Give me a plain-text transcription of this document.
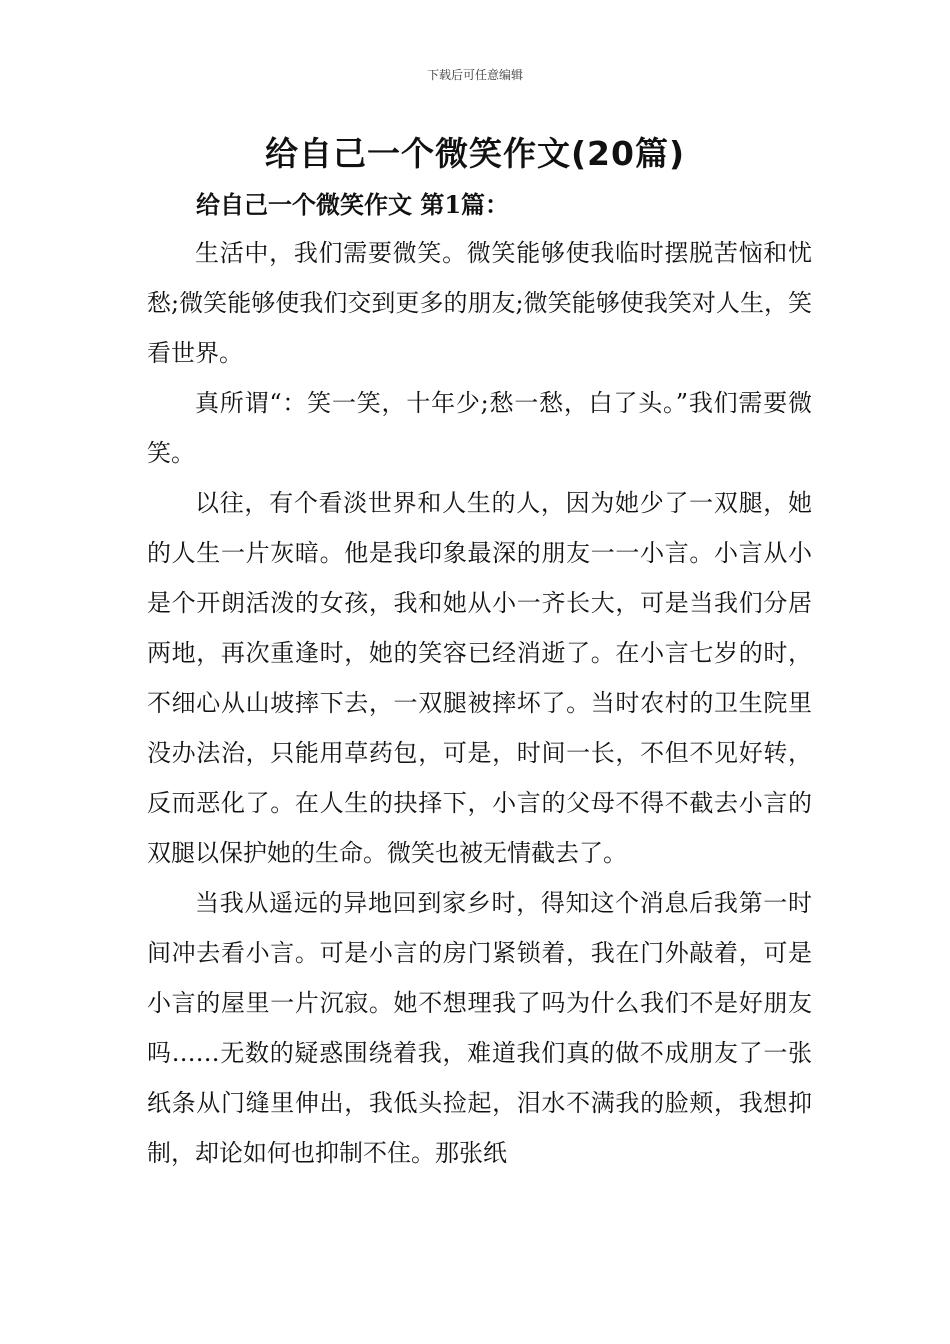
下载后可任意编辑
给自己一个微笑作文(20篇)
给自己一个微笑作文 第1篇：

生活中，我们需要微笑。微笑能够使我临时摆脱苦恼和忧愁;微笑能够使我们交到更多的朋友;微笑能够使我笑对人生，笑看世界。

真所谓“：笑一笑，十年少;愁一愁，白了头。”我们需要微笑。

以往，有个看淡世界和人生的人，因为她少了一双腿，她的人生一片灰暗。他是我印象最深的朋友一一小言。小言从小是个开朗活泼的女孩，我和她从小一齐长大，可是当我们分居两地，再次重逢时，她的笑容已经消逝了。在小言七岁的时，不细心从山坡摔下去，一双腿被摔坏了。当时农村的卫生院里没办法治，只能用草药包，可是，时间一长，不但不见好转，反而恶化了。在人生的抉择下，小言的父母不得不截去小言的双腿以保护她的生命。微笑也被无情截去了。

当我从遥远的异地回到家乡时，得知这个消息后我第一时间冲去看小言。可是小言的房门紧锁着，我在门外敲着，可是小言的屋里一片沉寂。她不想理我了吗为什么我们不是好朋友吗……无数的疑惑围绕着我，难道我们真的做不成朋友了一张纸条从门缝里伸出，我低头捡起，泪水不满我的脸颊，我想抑制，却论如何也抑制不住。那张纸
